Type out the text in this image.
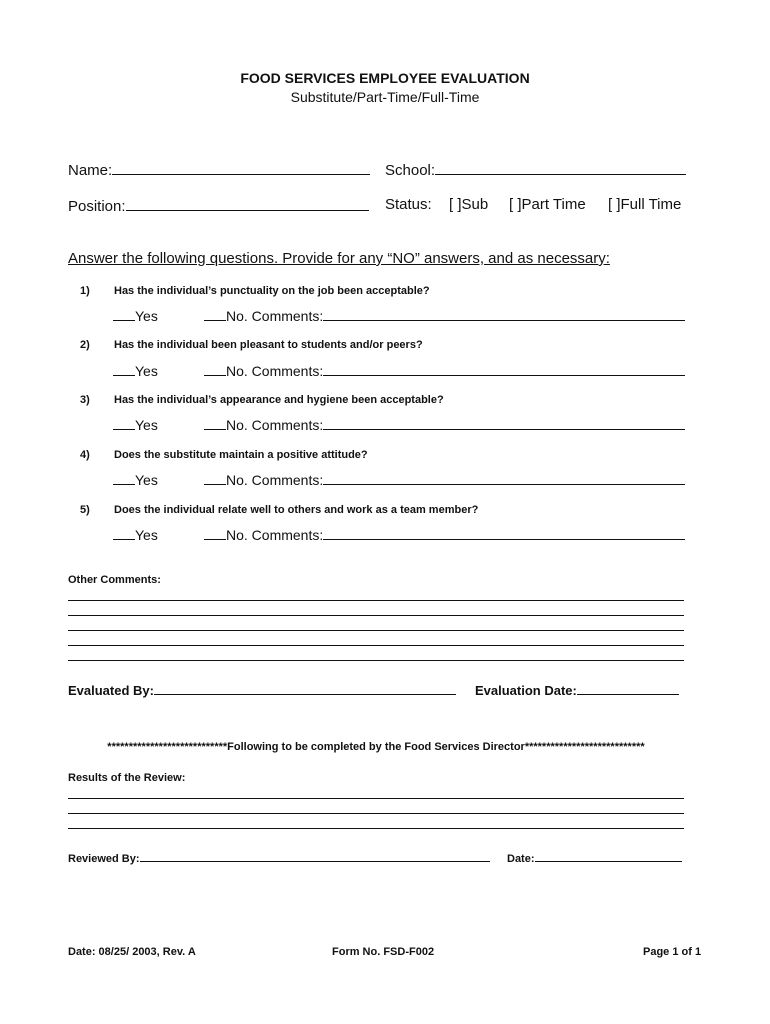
FOOD SERVICES EMPLOYEE EVALUATION
Substitute/Part-Time/Full-Time
Name:	School:
Position:	Status: [ ]Sub [ ]Part Time [ ]Full Time
Answer the following questions. Provide for any “NO” answers, and as necessary:
1) Has the individual’s punctuality on the job been acceptable?
Yes	No. Comments:
2) Has the individual been pleasant to students and/or peers?
Yes	No. Comments:
3) Has the individual’s appearance and hygiene been acceptable?
Yes	No. Comments:
4) Does the substitute maintain a positive attitude?
Yes	No. Comments:
5) Does the individual relate well to others and work as a team member?
Yes	No. Comments:
Other Comments:
Evaluated By:	Evaluation Date:
****************************Following to be completed by the Food Services Director****************************
Results of the Review:
Reviewed By:	Date:
Date: 08/25/ 2003, Rev. A	Form No. FSD-F002	Page 1 of 1
